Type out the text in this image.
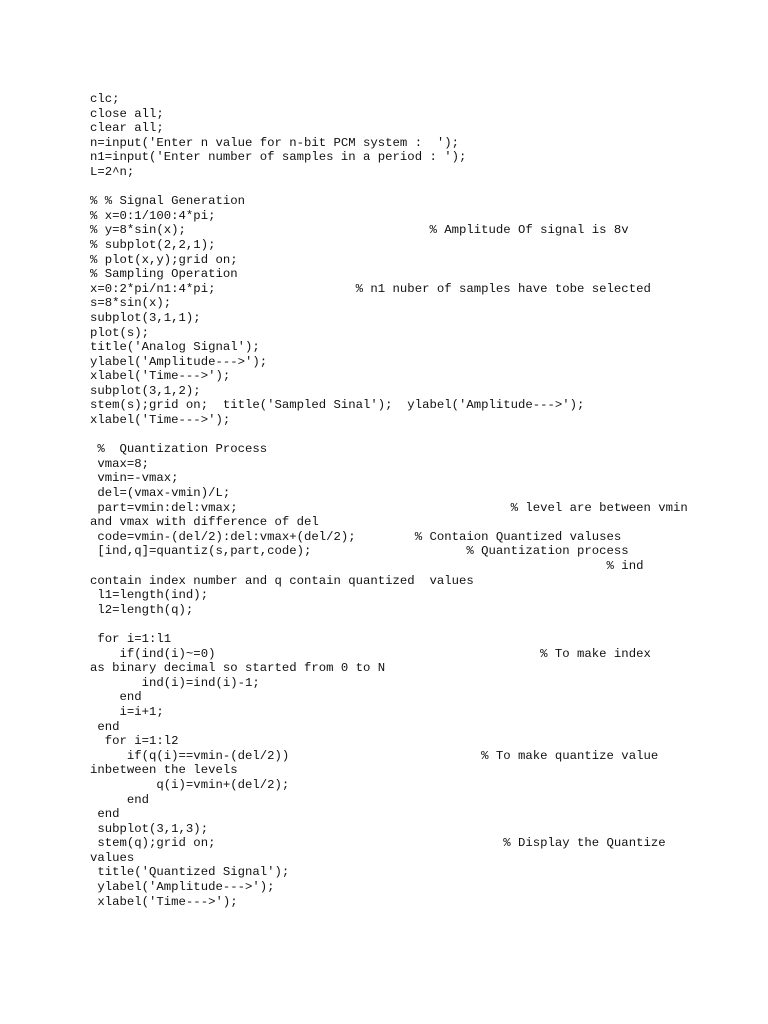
clc;
close all;
clear all;
n=input('Enter n value for n-bit PCM system :  ');
n1=input('Enter number of samples in a period : ');
L=2^n;
% % Signal Generation
% x=0:1/100:4*pi;
% y=8*sin(x);                                 % Amplitude Of signal is 8v
% subplot(2,2,1);
% plot(x,y);grid on;
% Sampling Operation
x=0:2*pi/n1:4*pi;                   % n1 nuber of samples have tobe selected
s=8*sin(x);
subplot(3,1,1);
plot(s);
title('Analog Signal');
ylabel('Amplitude--->');
xlabel('Time--->');
subplot(3,1,2);
stem(s);grid on;  title('Sampled Sinal');  ylabel('Amplitude--->');
xlabel('Time--->');
%  Quantization Process
vmax=8;
vmin=-vmax;
del=(vmax-vmin)/L;
part=vmin:del:vmax;                                     % level are between vmin
and vmax with difference of del
code=vmin-(del/2):del:vmax+(del/2);        % Contaion Quantized valuses
[ind,q]=quantiz(s,part,code);                     % Quantization process
% ind
contain index number and q contain quantized  values
l1=length(ind);
l2=length(q);
for i=1:l1
if(ind(i)~=0)                                            % To make index
as binary decimal so started from 0 to N
ind(i)=ind(i)-1;
end
i=i+1;
end
for i=1:l2
if(q(i)==vmin-(del/2))                          % To make quantize value
inbetween the levels
q(i)=vmin+(del/2);
end
end
subplot(3,1,3);
stem(q);grid on;                                       % Display the Quantize
values
title('Quantized Signal');
ylabel('Amplitude--->');
xlabel('Time--->');
